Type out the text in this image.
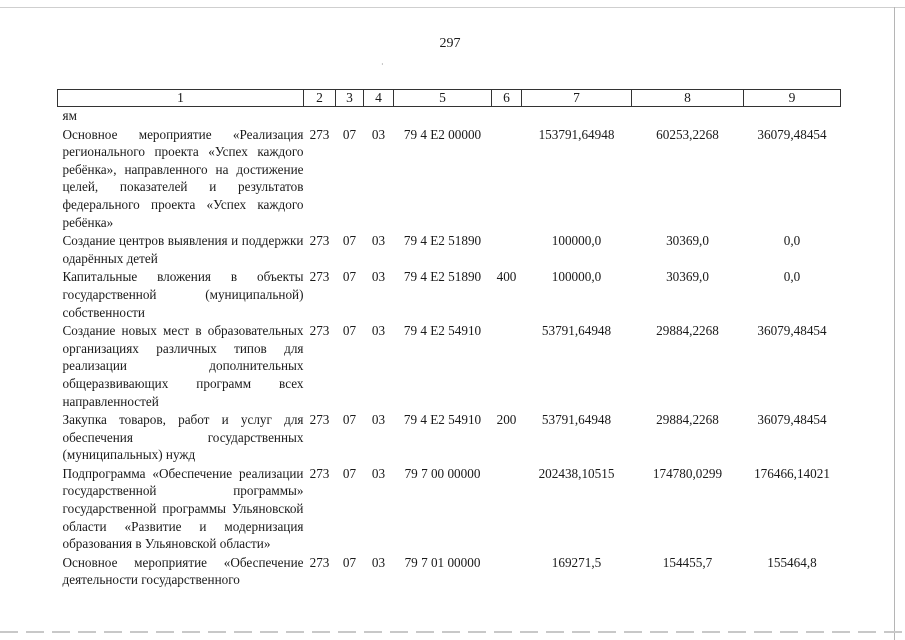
297
·
1	2	3	4	5	6	7	8	9
ям								
Основное мероприятие «Реализация регионального проекта «Успех каждого ребёнка», направленного на достижение целей, показателей и результатов федерального проекта «Успех каждого ребёнка»	273	07	03	79 4 E2 00000		153791,64948	60253,2268	36079,48454
Создание центров выявления и поддержки одарённых детей	273	07	03	79 4 E2 51890		100000,0	30369,0	0,0
Капитальные вложения в объекты государственной (муниципальной) собственности	273	07	03	79 4 E2 51890	400	100000,0	30369,0	0,0
Создание новых мест в образовательных организациях различных типов для реализации дополнительных общеразвивающих программ всех направленностей	273	07	03	79 4 E2 54910		53791,64948	29884,2268	36079,48454
Закупка товаров, работ и услуг для обеспечения государственных (муниципальных) нужд	273	07	03	79 4 E2 54910	200	53791,64948	29884,2268	36079,48454
Подпрограмма «Обеспечение реализации государственной программы» государственной программы Ульяновской области «Развитие и модернизация образования в Ульяновской области»	273	07	03	79 7 00 00000		202438,10515	174780,0299	176466,14021
Основное мероприятие «Обеспечение деятельности государственного	273	07	03	79 7 01 00000		169271,5	154455,7	155464,8
